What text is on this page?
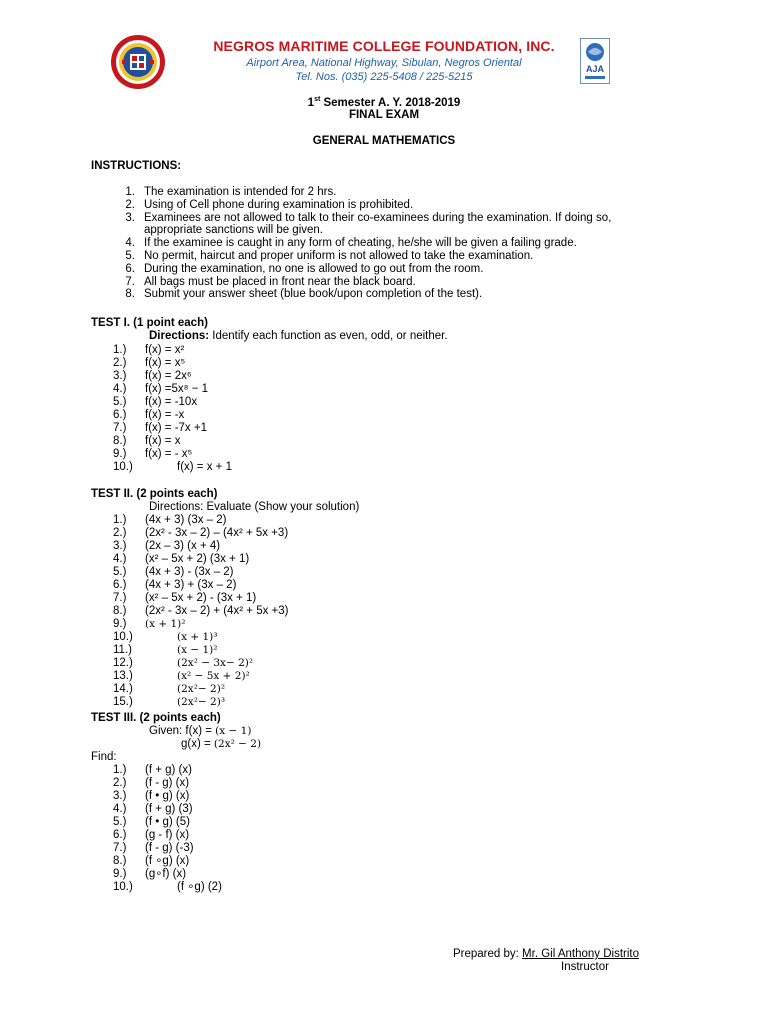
NEGROS MARITIME COLLEGE FOUNDATION, INC.
Airport Area, National Highway, Sibulan, Negros Oriental
Tel. Nos. (035) 225-5408 / 225-5215
AJA
1st Semester A. Y. 2018-2019
FINAL EXAM
GENERAL MATHEMATICS
INSTRUCTIONS:
1. The examination is intended for 2 hrs.
2. Using of Cell phone during examination is prohibited.
3. Examinees are not allowed to talk to their co-examinees during the examination. If doing so, appropriate sanctions will be given.
4. If the examinee is caught in any form of cheating, he/she will be given a failing grade.
5. No permit, haircut and proper uniform is not allowed to take the examination.
6. During the examination, no one is allowed to go out from the room.
7. All bags must be placed in front near the black board.
8. Submit your answer sheet (blue book/upon completion of the test).
TEST I. (1 point each)
Directions: Identify each function as even, odd, or neither.
1.)	f(x) = x²
2.)	f(x) = x⁵
3.)	f(x) = 2x⁶
4.)	f(x) =5x⁸ − 1
5.)	f(x) = -10x
6.)	f(x) = -x
7.)	f(x) = -7x +1
8.)	f(x) = x
9.)	f(x) = - x⁵
10.)	f(x) = x + 1
TEST II. (2 points each)
Directions: Evaluate (Show your solution)
1.)	(4x + 3) (3x – 2)
2.)	(2x² - 3x – 2) – (4x² + 5x +3)
3.)	(2x – 3) (x + 4)
4.)	(x² – 5x + 2) (3x + 1)
5.)	(4x + 3) - (3x – 2)
6.)	(4x + 3) + (3x – 2)
7.)	(x² – 5x + 2) - (3x + 1)
8.)	(2x² - 3x – 2) + (4x² + 5x +3)
9.)	(x + 1)²
10.)	(x + 1)³
11.)	(x − 1)²
12.)	(2x² − 3x− 2)²
13.)	(x² − 5x + 2)²
14.)	(2x²− 2)²
15.)	(2x²− 2)³
TEST III. (2 points each)
Given: f(x) = (x − 1)
g(x) = (2x² − 2)
Find:
1.)	(f + g) (x)
2.)	(f - g) (x)
3.)	(f • g) (x)
4.)	(f + g) (3)
5.)	(f • g) (5)
6.)	(g - f) (x)
7.)	(f - g) (-3)
8.)	(f ∘g) (x)
9.)	(g∘f) (x)
10.)	(f ∘g) (2)
Prepared by: Mr. Gil Anthony Distrito
Instructor
